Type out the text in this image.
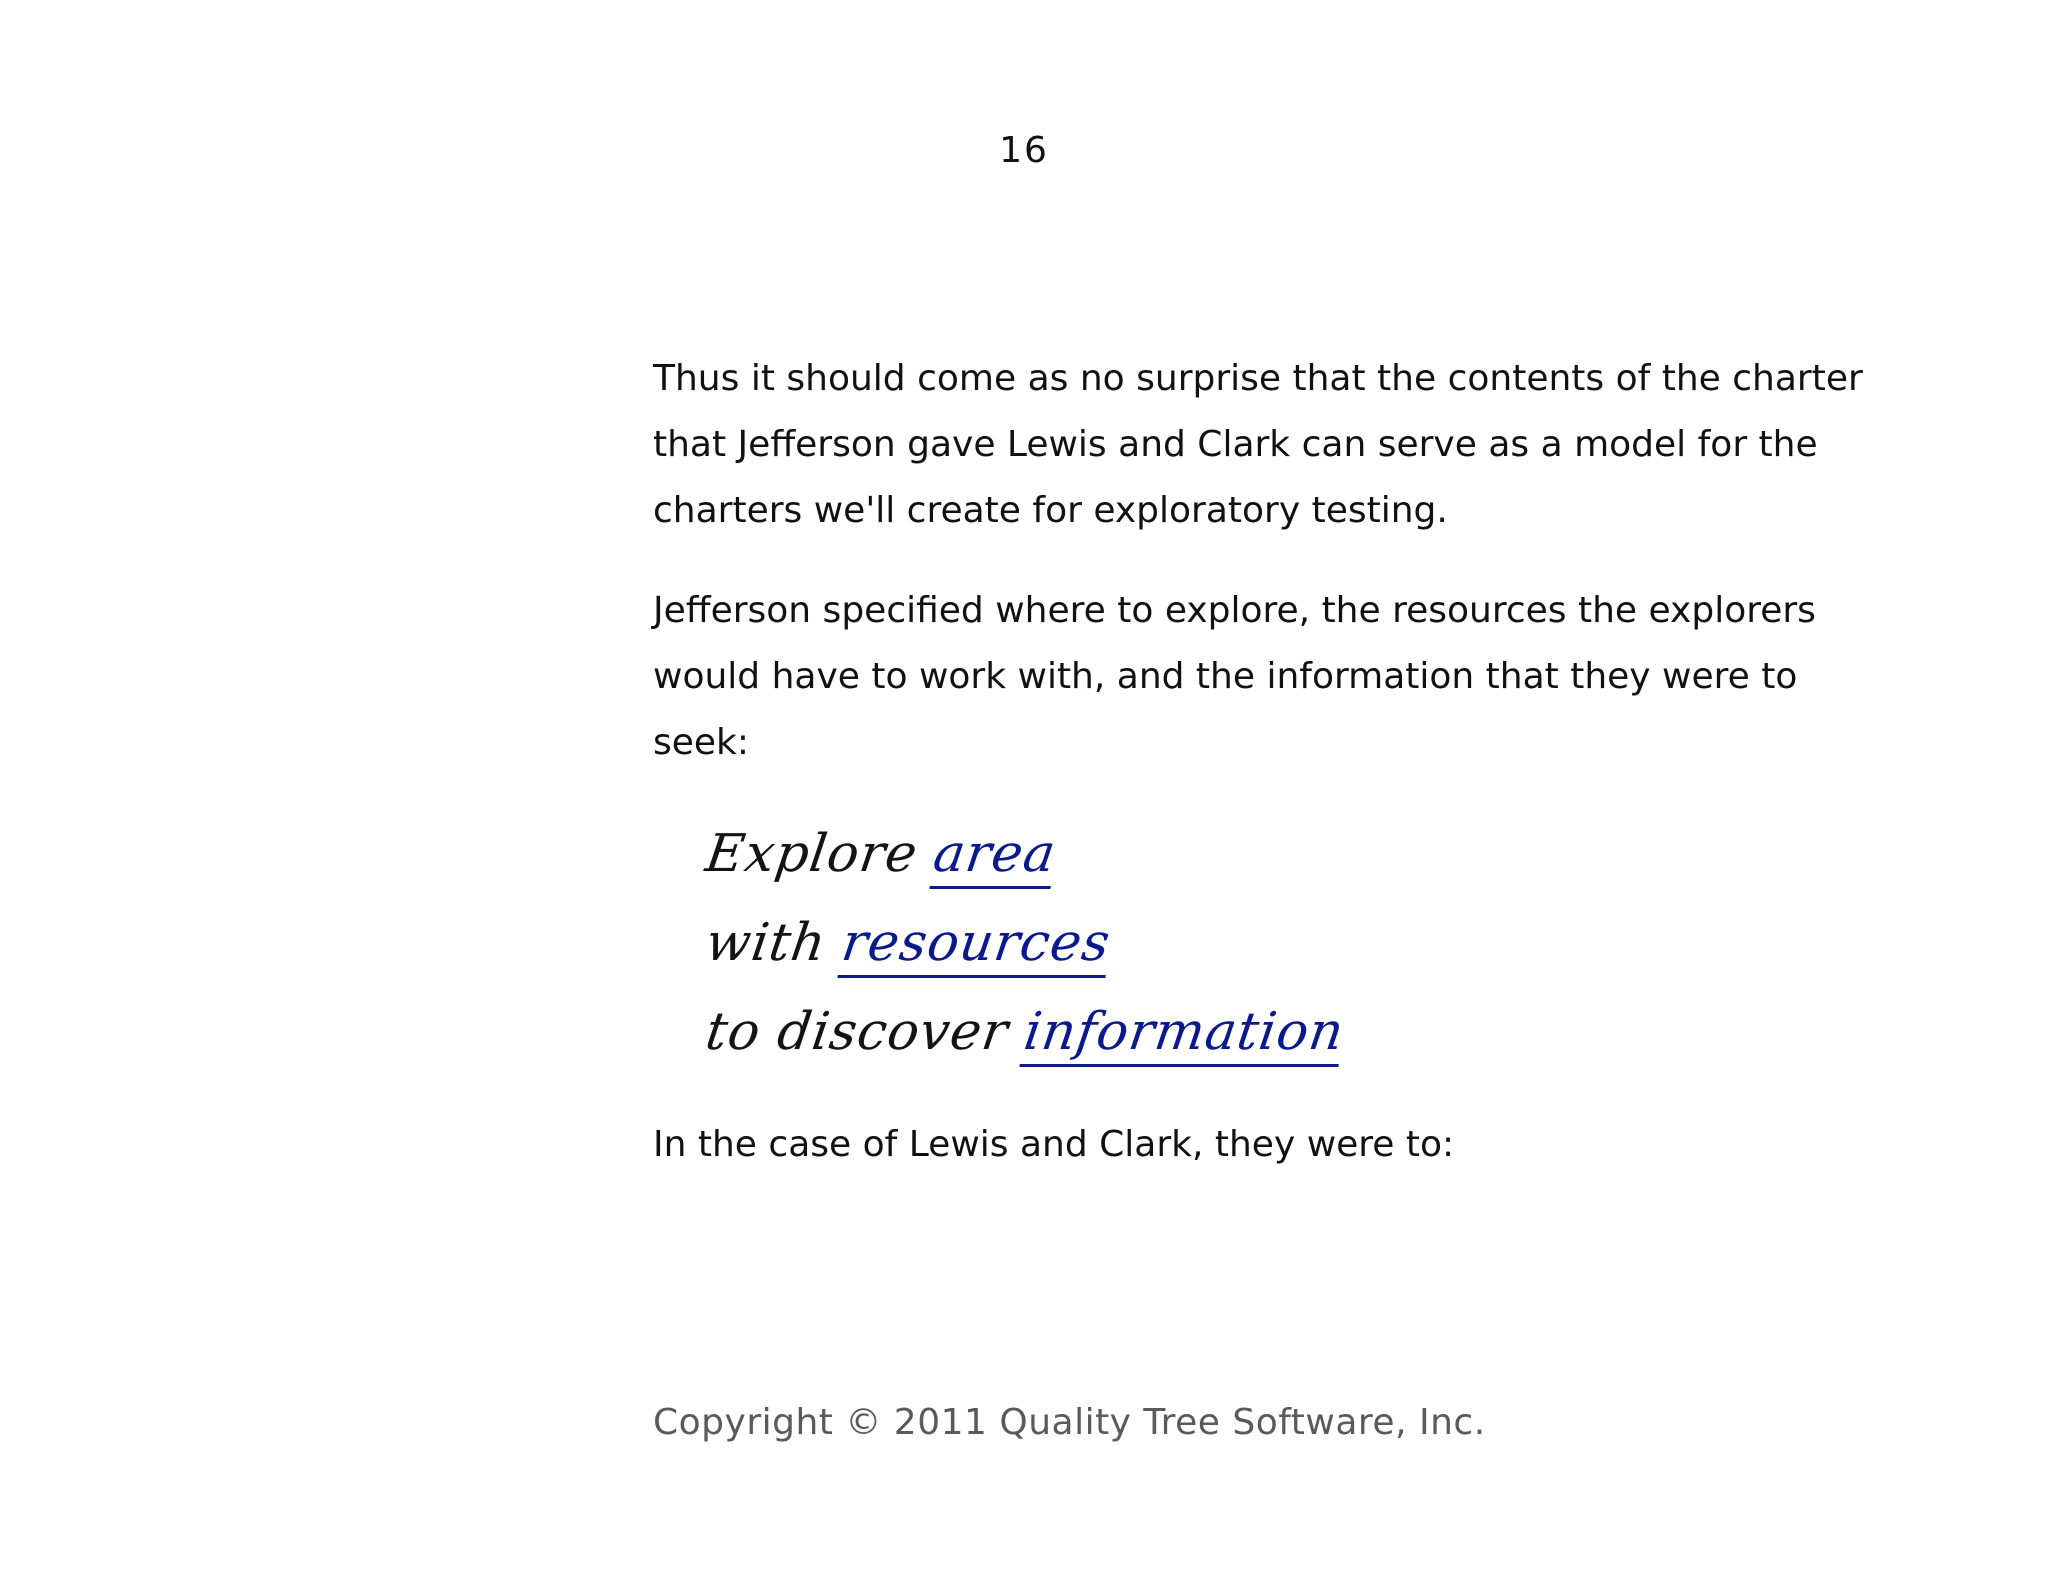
16

Thus it should come as no surprise that the contents of the charter that Jefferson gave Lewis and Clark can serve as a model for the charters we'll create for exploratory testing.

Jefferson specified where to explore, the resources the explorers would have to work with, and the information that they were to seek:

Explore area
with resources
to discover information

In the case of Lewis and Clark, they were to:

Copyright © 2011 Quality Tree Software, Inc.
